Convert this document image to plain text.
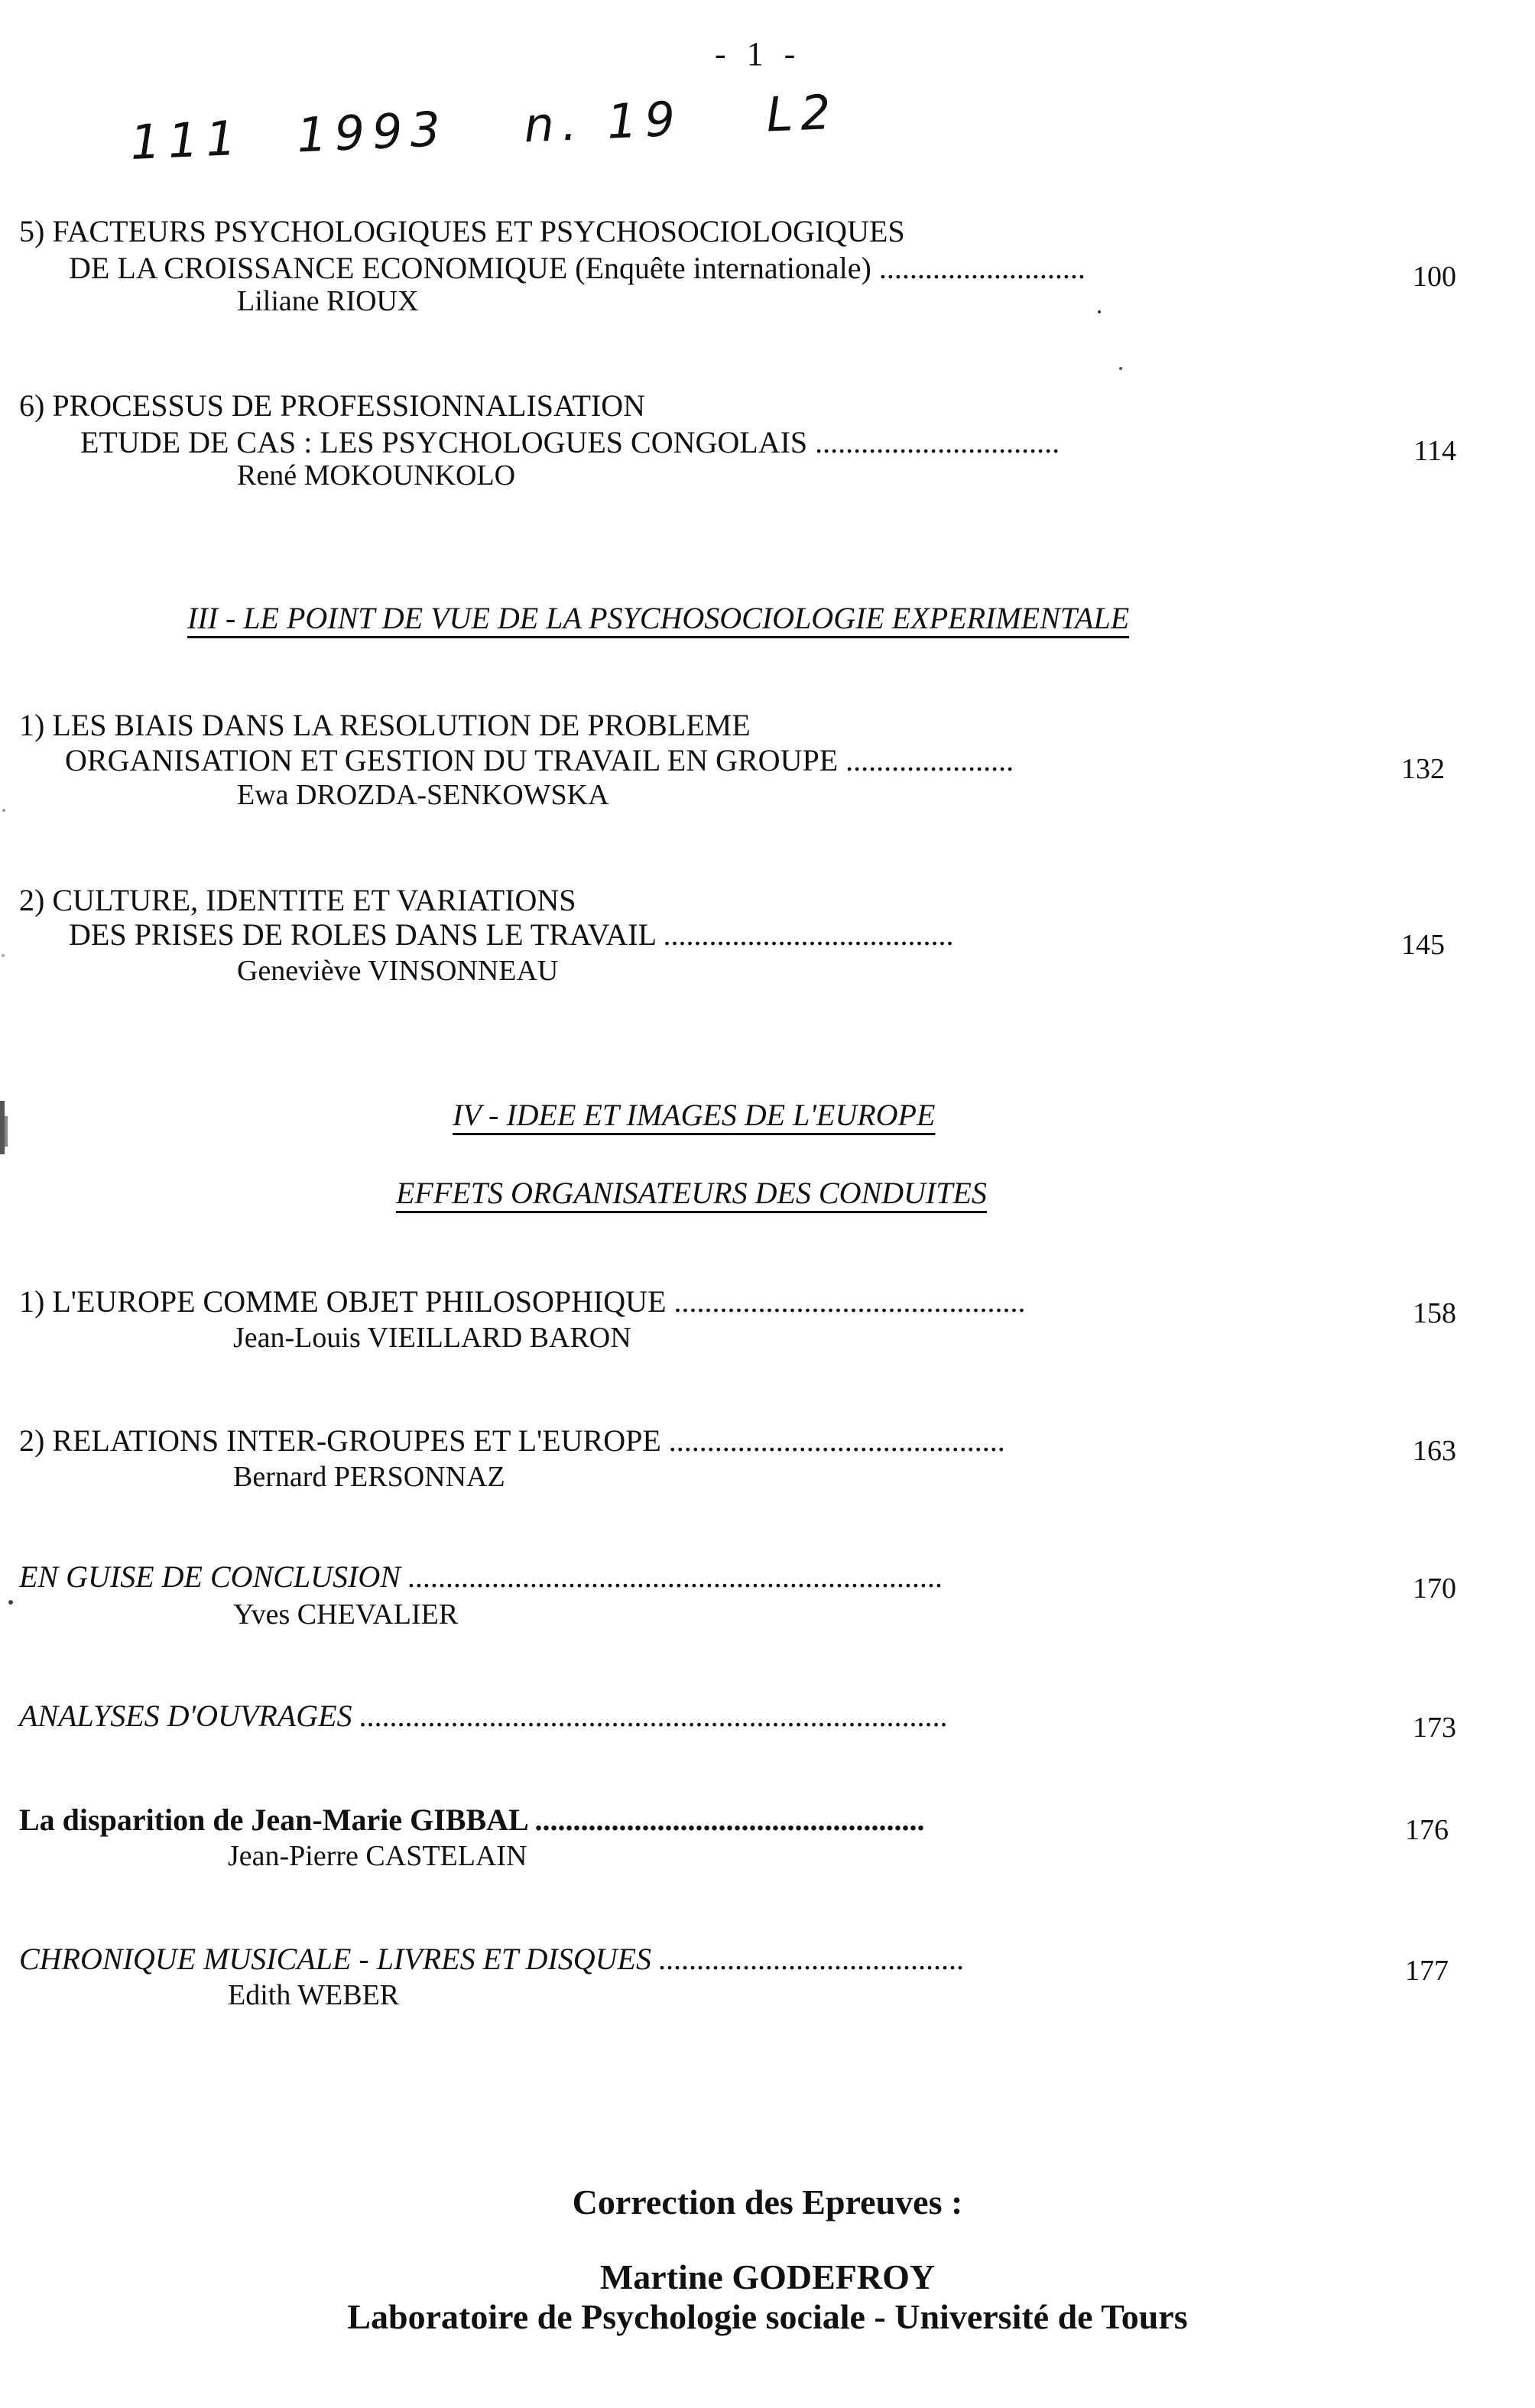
- 1 -
111 1993 n. 19 L2
5) FACTEURS PSYCHOLOGIQUES ET PSYCHOSOCIOLOGIQUES
DE LA CROISSANCE ECONOMIQUE (Enquête internationale) ...........................
Liliane RIOUX
100
6) PROCESSUS DE PROFESSIONNALISATION
ETUDE DE CAS : LES PSYCHOLOGUES CONGOLAIS ................................
René MOKOUNKOLO
114
III - LE POINT DE VUE DE LA PSYCHOSOCIOLOGIE EXPERIMENTALE
1) LES BIAIS DANS LA RESOLUTION DE PROBLEME
ORGANISATION ET GESTION DU TRAVAIL EN GROUPE ......................
Ewa DROZDA-SENKOWSKA
132
2) CULTURE, IDENTITE ET VARIATIONS
DES PRISES DE ROLES DANS LE TRAVAIL ......................................
Geneviève VINSONNEAU
145
IV - IDEE ET IMAGES DE L'EUROPE
EFFETS ORGANISATEURS DES CONDUITES
1) L'EUROPE COMME OBJET PHILOSOPHIQUE ..............................................
Jean-Louis VIEILLARD BARON
158
2) RELATIONS INTER-GROUPES ET L'EUROPE ............................................
Bernard PERSONNAZ
163
EN GUISE DE CONCLUSION ......................................................................
Yves CHEVALIER
170
ANALYSES D'OUVRAGES .............................................................................	173
La disparition de Jean-Marie GIBBAL ...................................................
Jean-Pierre CASTELAIN
176
CHRONIQUE MUSICALE - LIVRES ET DISQUES ........................................
Edith WEBER
177
Correction des Epreuves :
Martine GODEFROY
Laboratoire de Psychologie sociale - Université de Tours
